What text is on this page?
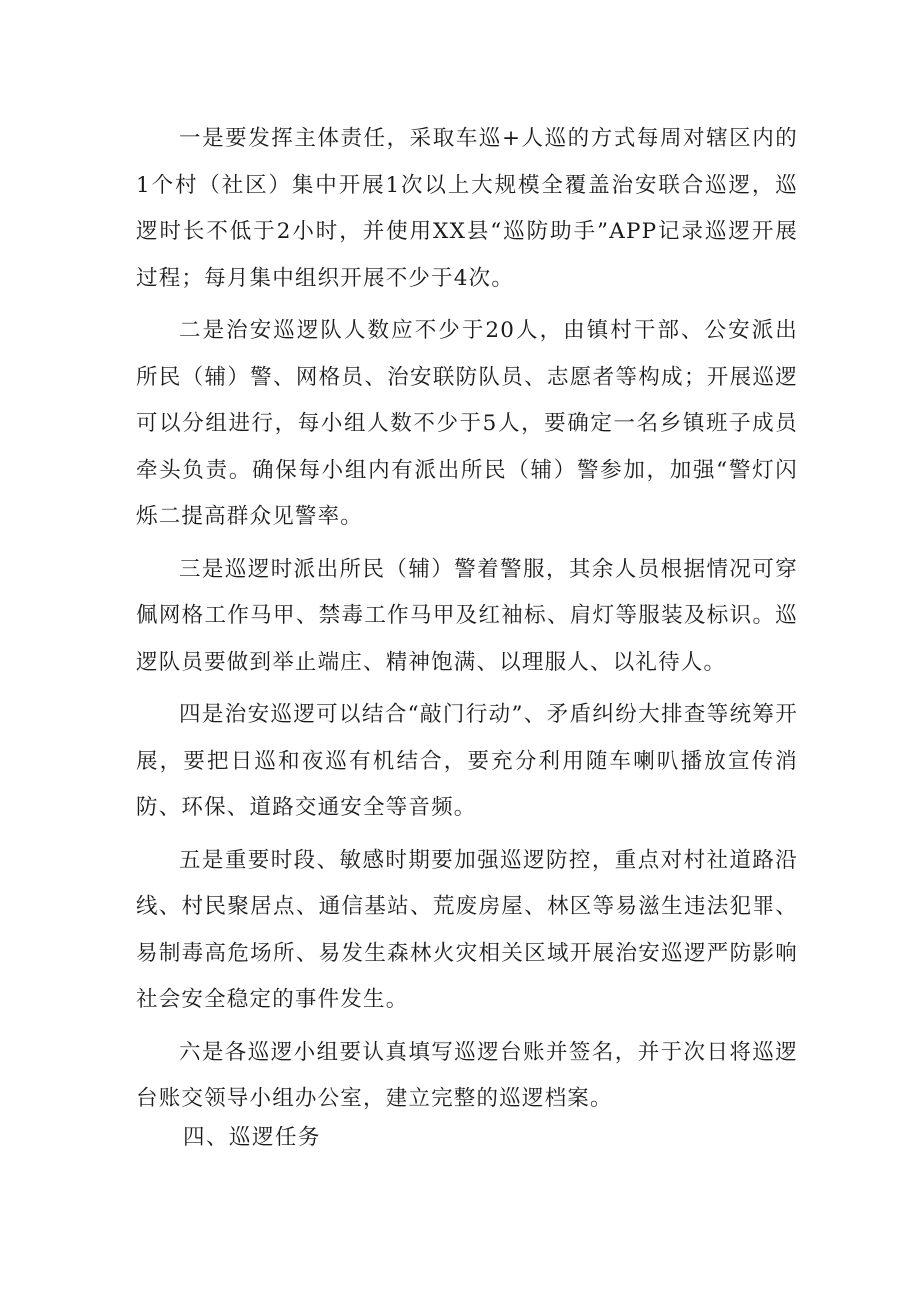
一是要发挥主体责任，采取车巡+人巡的方式每周对辖区内的1个村（社区）集中开展1次以上大规模全覆盖治安联合巡逻，巡逻时长不低于2小时，并使用XX县“巡防助手”APP记录巡逻开展过程；每月集中组织开展不少于4次。

二是治安巡逻队人数应不少于20人，由镇村干部、公安派出所民（辅）警、网格员、治安联防队员、志愿者等构成；开展巡逻可以分组进行，每小组人数不少于5人，要确定一名乡镇班子成员牵头负责。确保每小组内有派出所民（辅）警参加，加强“警灯闪烁二提高群众见警率。

三是巡逻时派出所民（辅）警着警服，其余人员根据情况可穿佩网格工作马甲、禁毒工作马甲及红袖标、肩灯等服装及标识。巡逻队员要做到举止端庄、精神饱满、以理服人、以礼待人。

四是治安巡逻可以结合“敲门行动”、矛盾纠纷大排查等统筹开展，要把日巡和夜巡有机结合，要充分利用随车喇叭播放宣传消防、环保、道路交通安全等音频。

五是重要时段、敏感时期要加强巡逻防控，重点对村社道路沿线、村民聚居点、通信基站、荒废房屋、林区等易滋生违法犯罪、易制毒高危场所、易发生森林火灾相关区域开展治安巡逻严防影响社会安全稳定的事件发生。

六是各巡逻小组要认真填写巡逻台账并签名，并于次日将巡逻台账交领导小组办公室，建立完整的巡逻档案。

四、巡逻任务
